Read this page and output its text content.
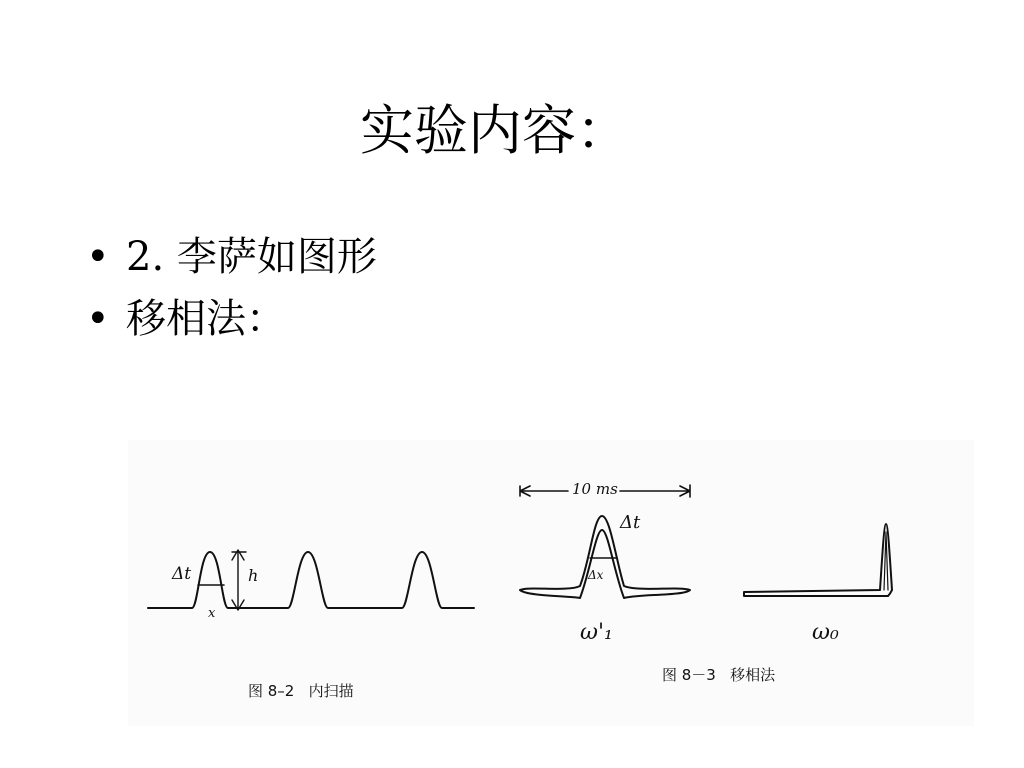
实验内容：
• 2. 李萨如图形
• 移相法：
Δt	h
x
图 8–2   内扫描
10 ms
Δt
Δx
ω'₁	ω₀
图 8－3   移相法
